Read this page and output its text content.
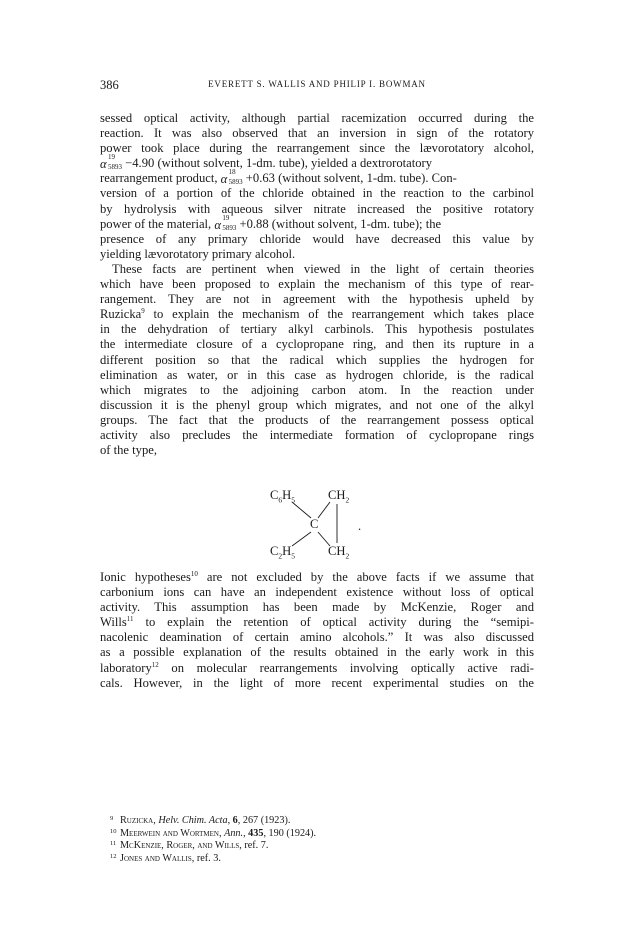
386	EVERETT S. WALLIS AND PHILIP I. BOWMAN
sessed optical activity, although partial racemization occurred during the
reaction. It was also observed that an inversion in sign of the rotatory
power took place during the rearrangement since the lævorotatory alcohol,
α 19
5893 −4.90 (without solvent, 1-dm. tube), yielded a dextrorotatory
rearrangement product, α 18
5893 +0.63 (without solvent, 1-dm. tube). Con-
version of a portion of the chloride obtained in the reaction to the carbinol
by hydrolysis with aqueous silver nitrate increased the positive rotatory
power of the material, α 19
5893 +0.88 (without solvent, 1-dm. tube); the
presence of any primary chloride would have decreased this value by
yielding lævorotatory primary alcohol.
These facts are pertinent when viewed in the light of certain theories
which have been proposed to explain the mechanism of this type of rear-
rangement. They are not in agreement with the hypothesis upheld by
Ruzicka$^9$ to explain the mechanism of the rearrangement which takes place
in the dehydration of tertiary alkyl carbinols. This hypothesis postulates
the intermediate closure of a cyclopropane ring, and then its rupture in a
different position so that the radical which supplies the hydrogen for
elimination as water, or in this case as hydrogen chloride, is the radical
which migrates to the adjoining carbon atom. In the reaction under
discussion it is the phenyl group which migrates, and not one of the alkyl
groups. The fact that the products of the rearrangement possess optical
activity also precludes the intermediate formation of cyclopropane rings
of the type,
$C_6H_5$	$CH_2$
C	.
$C_2H_5$	$CH_2$
Ionic hypotheses$^{10}$ are not excluded by the above facts if we assume that
carbonium ions can have an independent existence without loss of optical
activity. This assumption has been made by McKenzie, Roger and
Wills$^{11}$ to explain the retention of optical activity during the “semipi-
nacolenic deamination of certain amino alcohols.” It was also discussed
as a possible explanation of the results obtained in the early work in this
laboratory$^{12}$ on molecular rearrangements involving optically active radi-
cals. However, in the light of more recent experimental studies on the
9 Ruzicka, Helv. Chim. Acta, 6, 267 (1923).
10 Meerwein and Wortmen, Ann., 435, 190 (1924).
11 McKenzie, Roger, and Wills, ref. 7.
12 Jones and Wallis, ref. 3.
